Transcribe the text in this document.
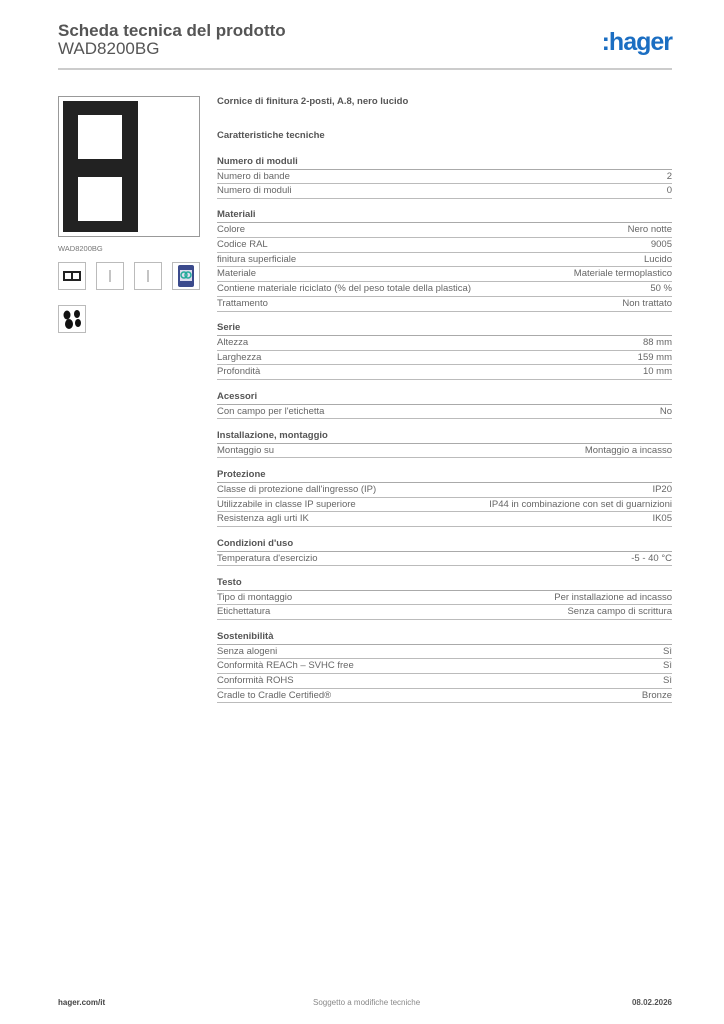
Scheda tecnica del prodotto
WAD8200BG	:hager
WAD8200BG
Cornice di finitura 2-posti, A.8, nero lucido
Caratteristiche tecniche
Numero di moduli
Numero di bande	2
Numero di moduli	0
Materiali
Colore	Nero notte
Codice RAL	9005
finitura superficiale	Lucido
Materiale	Materiale termoplastico
Contiene materiale riciclato (% del peso totale della plastica)	50 %
Trattamento	Non trattato
Serie
Altezza	88 mm
Larghezza	159 mm
Profondità	10 mm
Acessori
Con campo per l'etichetta	No
Installazione, montaggio
Montaggio su	Montaggio a incasso
Protezione
Classe di protezione dall'ingresso (IP)	IP20
Utilizzabile in classe IP superiore	IP44 in combinazione con set di guarnizioni
Resistenza agli urti IK	IK05
Condizioni d'uso
Temperatura d'esercizio	-5 - 40 °C
Testo
Tipo di montaggio	Per installazione ad incasso
Etichettatura	Senza campo di scrittura
Sostenibilità
Senza alogeni	Sì
Conformità REACh – SVHC free	Sì
Conformità ROHS	Sì
Cradle to Cradle Certified®	Bronze
hager.com/it	Soggetto a modifiche tecniche	08.02.2026
